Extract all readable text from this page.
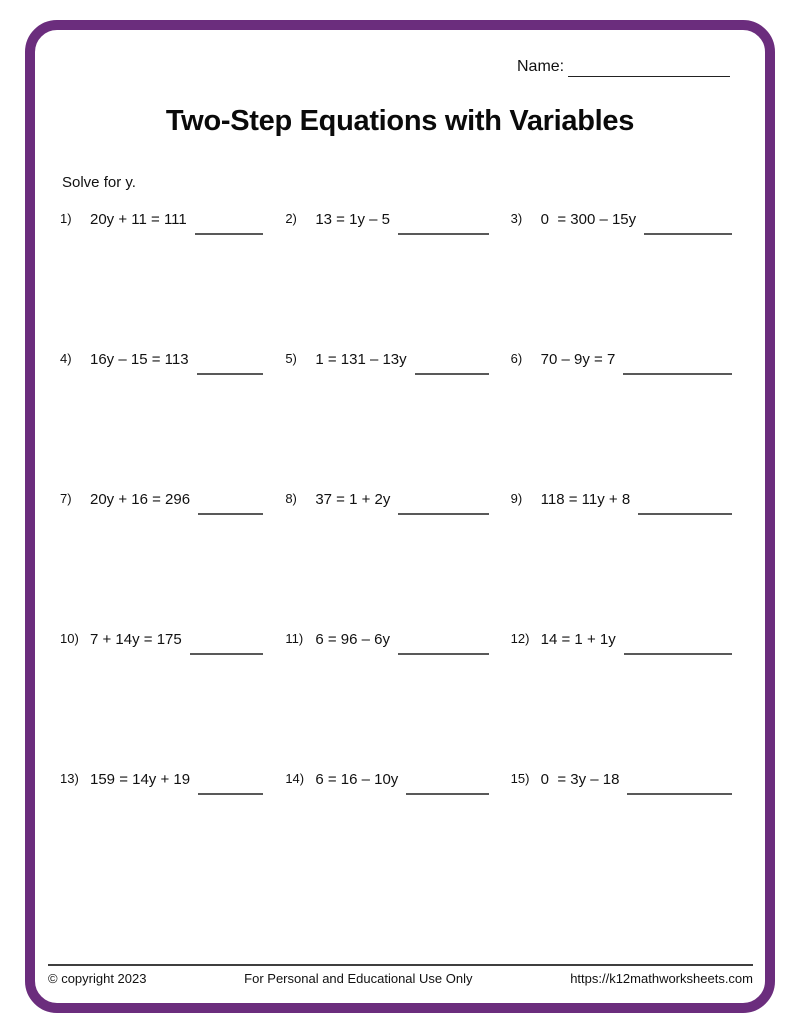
Name:
Two-Step Equations with Variables
Solve for y.
1)	20y + 11 = 111	2)	13 = 1y – 5	3)	0  = 300 – 15y
4)	16y – 15 = 113	5)	1 = 131 – 13y	6)	70 – 9y = 7
7)	20y + 16 = 296	8)	37 = 1 + 2y	9)	118 = 11y + 8
10) 7 + 14y = 175	11) 6 = 96 – 6y	12) 14 = 1 + 1y
13) 159 = 14y + 19	14) 6 = 16 – 10y	15) 0  = 3y – 18
© copyright 2023	For Personal and Educational Use Only	https://k12mathworksheets.com
